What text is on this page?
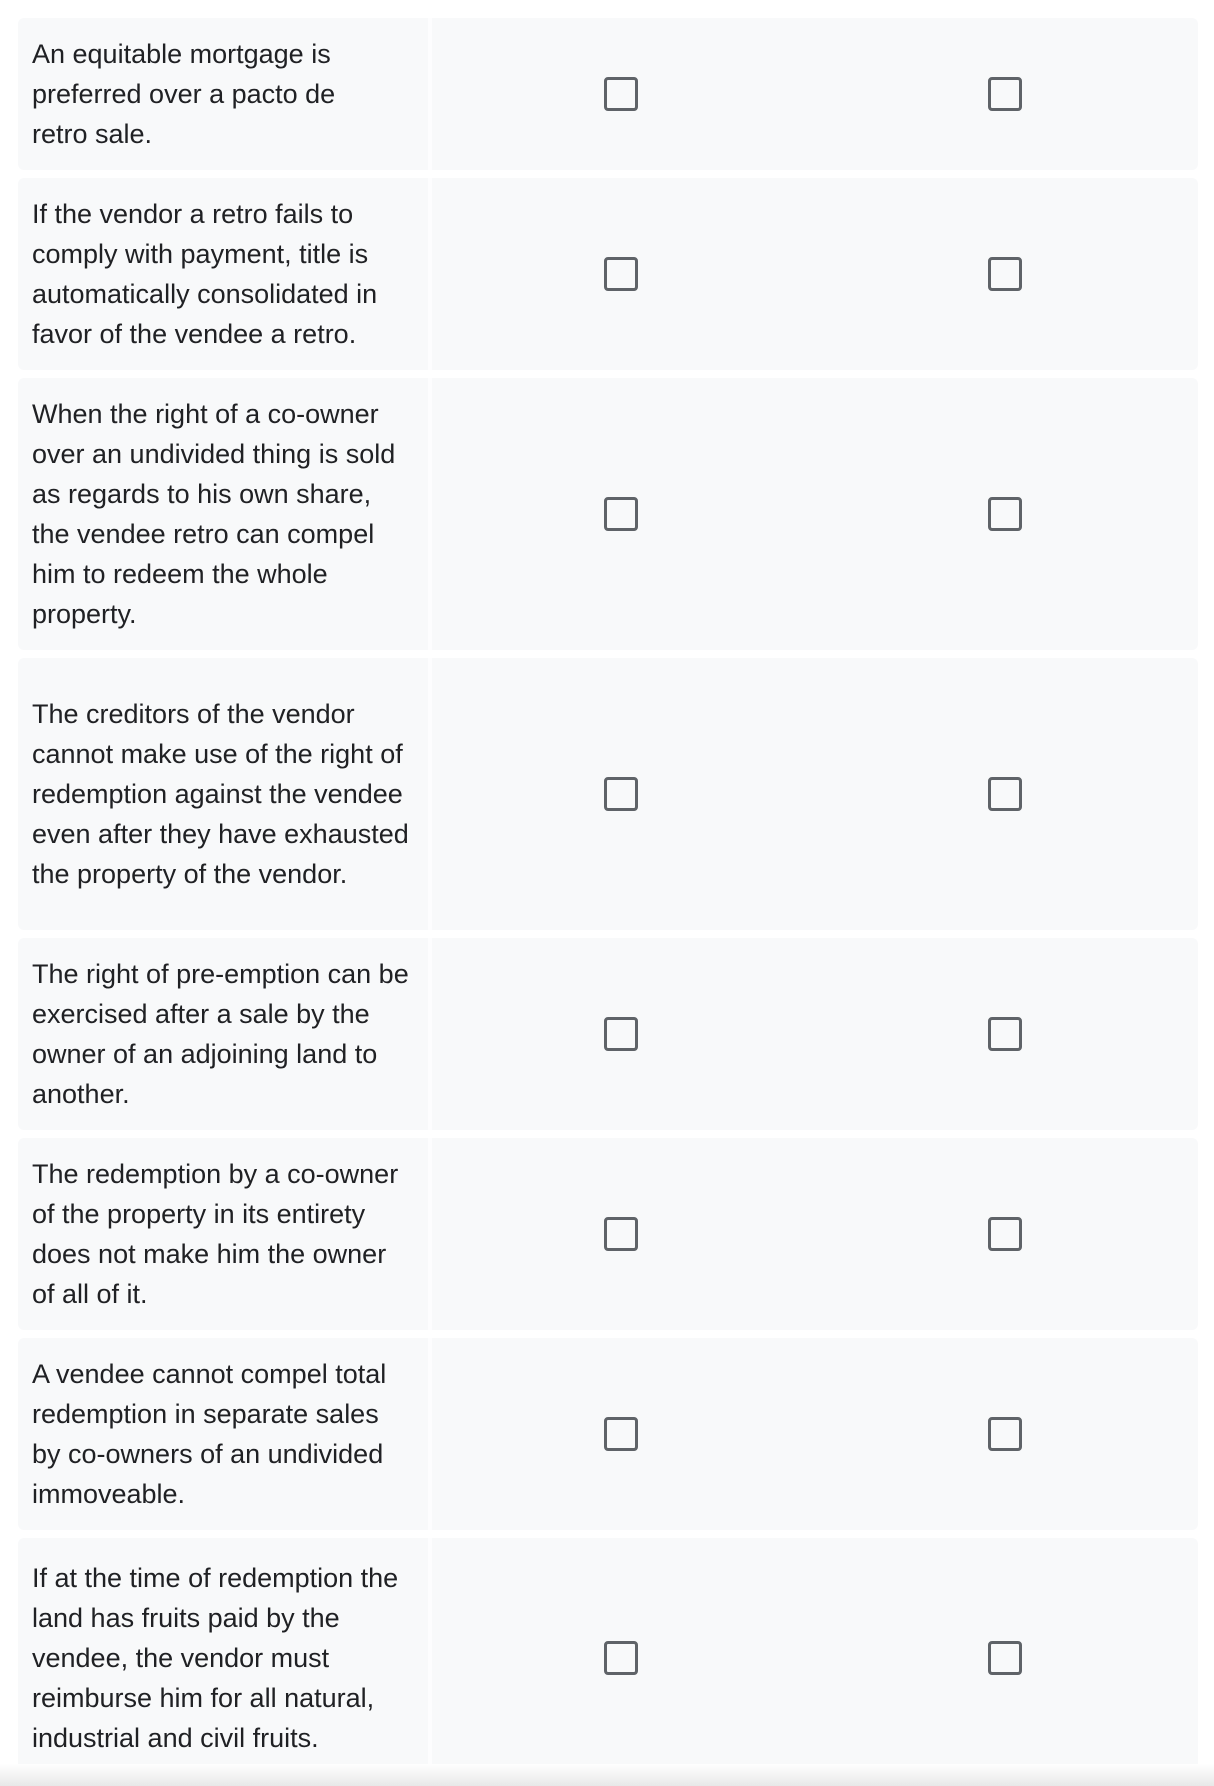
An equitable mortgage is preferred over a pacto de retro sale.
If the vendor a retro fails to comply with payment, title is automatically consolidated in favor of the vendee a retro.
When the right of a co-owner over an undivided thing is sold as regards to his own share, the vendee retro can compel him to redeem the whole property.
The creditors of the vendor cannot make use of the right of redemption against the vendee even after they have exhausted the property of the vendor.
The right of pre-emption can be exercised after a sale by the owner of an adjoining land to another.
The redemption by a co-owner of the property in its entirety does not make him the owner of all of it.
A vendee cannot compel total redemption in separate sales by co-owners of an undivided immoveable.
If at the time of redemption the land has fruits paid by the vendee, the vendor must reimburse him for all natural, industrial and civil fruits.
